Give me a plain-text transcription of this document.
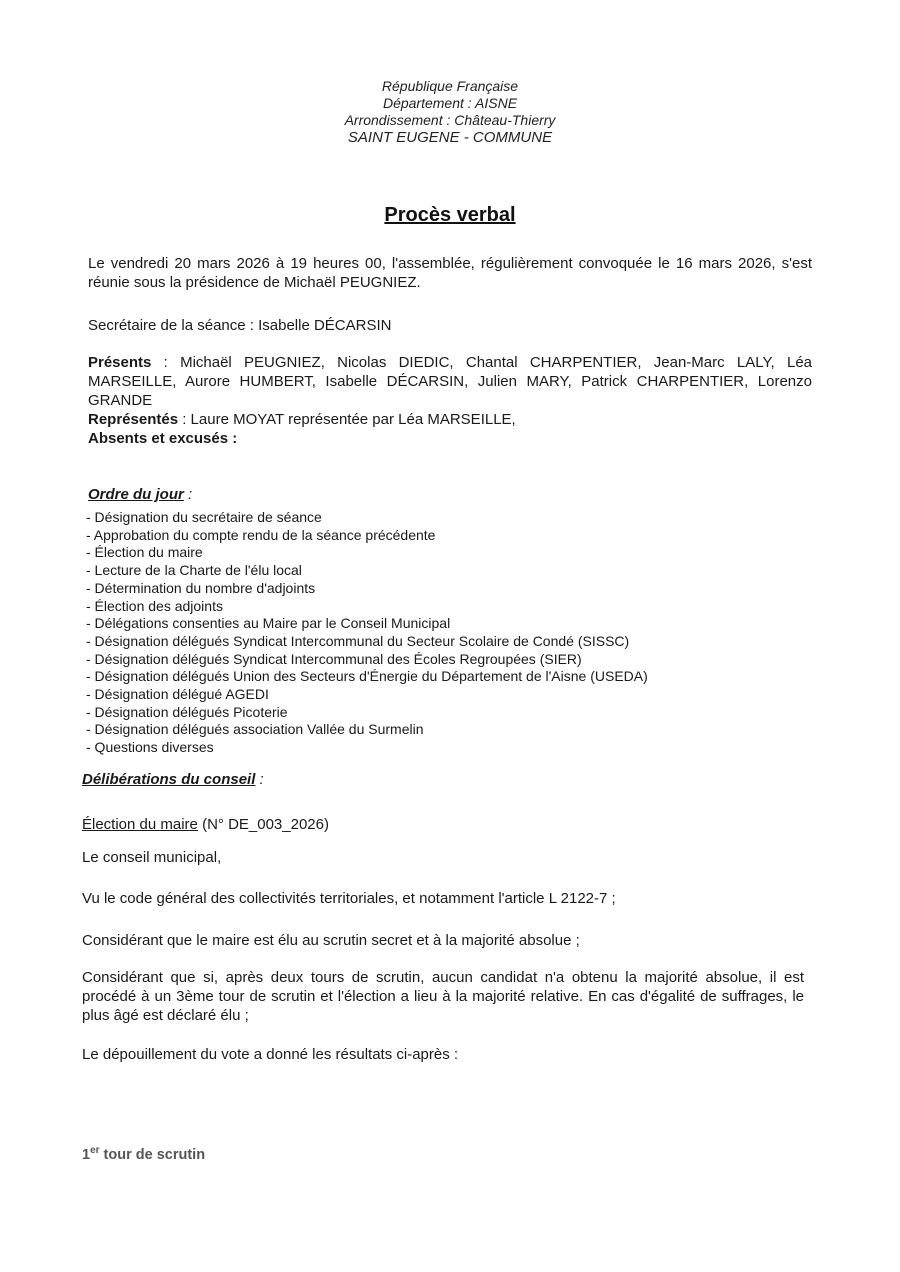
République Française
Département : AISNE
Arrondissement : Château-Thierry
SAINT EUGENE - COMMUNE
Procès verbal
Le vendredi 20 mars 2026 à 19 heures 00, l'assemblée, régulièrement convoquée le 16 mars 2026, s'est réunie sous la présidence de Michaël PEUGNIEZ.
Secrétaire de la séance : Isabelle DÉCARSIN
Présents : Michaël PEUGNIEZ, Nicolas DIEDIC, Chantal CHARPENTIER, Jean-Marc LALY, Léa MARSEILLE, Aurore HUMBERT, Isabelle DÉCARSIN, Julien MARY, Patrick CHARPENTIER, Lorenzo GRANDE
Représentés : Laure MOYAT représentée par Léa MARSEILLE,
Absents et excusés :
Ordre du jour :
- Désignation du secrétaire de séance
- Approbation du compte rendu de la séance précédente
- Élection du maire
- Lecture de la Charte de l'élu local
- Détermination du nombre d'adjoints
- Élection des adjoints
- Délégations consenties au Maire par le Conseil Municipal
- Désignation délégués Syndicat Intercommunal du Secteur Scolaire de Condé (SISSC)
- Désignation délégués Syndicat Intercommunal des Écoles Regroupées (SIER)
- Désignation délégués Union des Secteurs d'Énergie du Département de l'Aisne (USEDA)
- Désignation délégué AGEDI
- Désignation délégués Picoterie
- Désignation délégués association Vallée du Surmelin
- Questions diverses
Délibérations du conseil :
Élection du maire (N° DE_003_2026)
Le conseil municipal,
Vu le code général des collectivités territoriales, et notamment l'article L 2122-7 ;
Considérant que le maire est élu au scrutin secret et à la majorité absolue ;
Considérant que si, après deux tours de scrutin, aucun candidat n'a obtenu la majorité absolue, il est procédé à un 3ème tour de scrutin et l'élection a lieu à la majorité relative. En cas d'égalité de suffrages, le plus âgé est déclaré élu ;
Le dépouillement du vote a donné les résultats ci-après :
1er tour de scrutin
